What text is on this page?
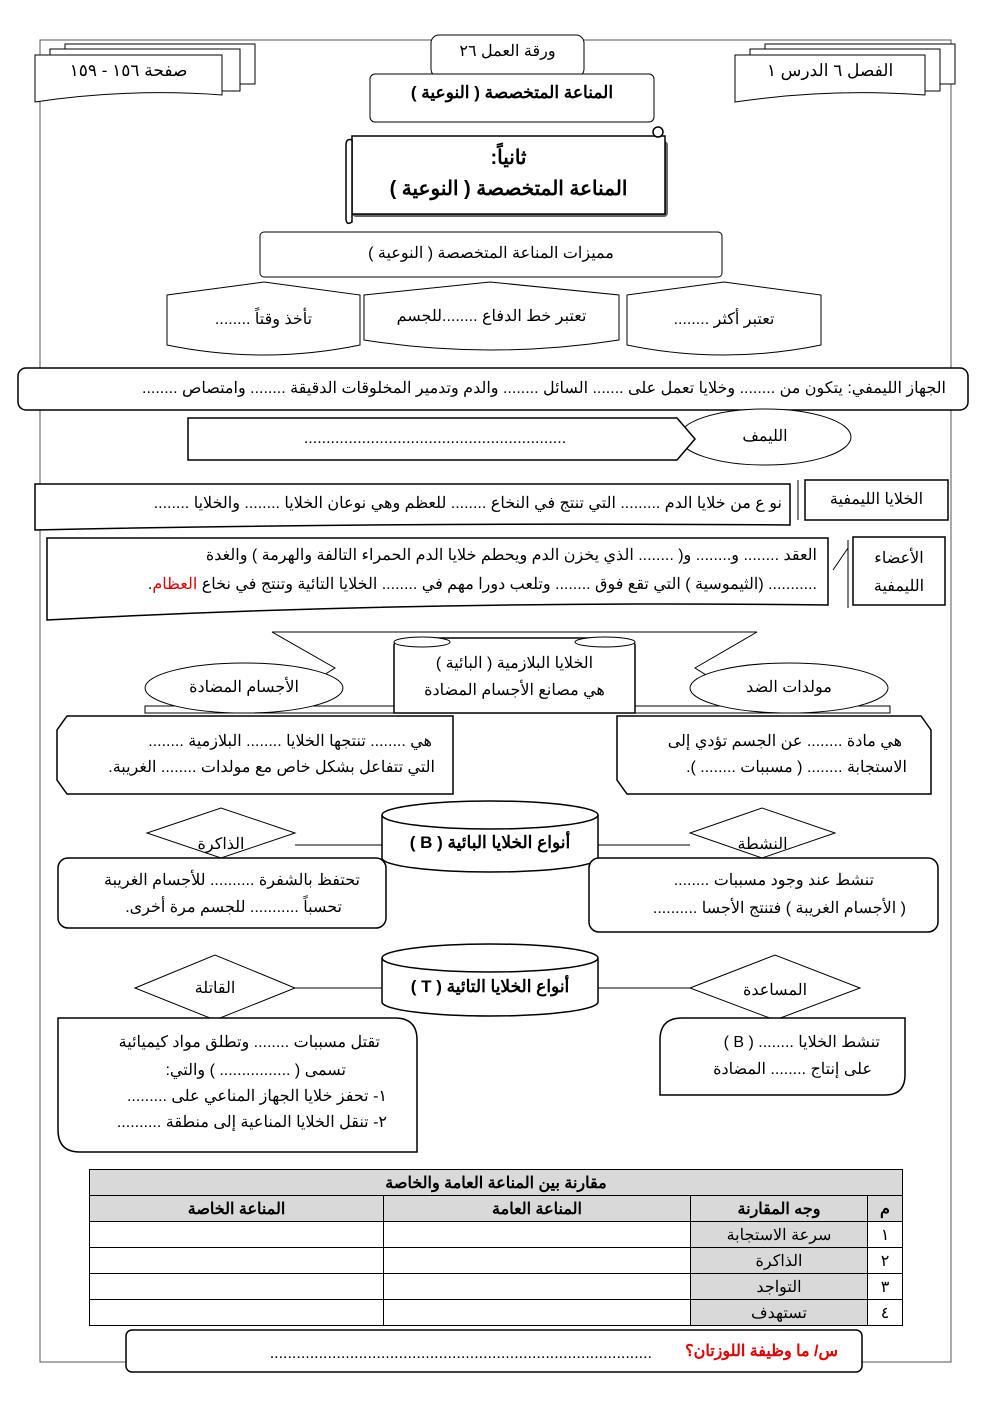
الفصل ٦ الدرس ١
صفحة ١٥٦ - ١٥٩
ورقة العمل ٢٦
المناعة المتخصصة ( النوعية )
ثانياً:
المناعة المتخصصة ( النوعية )
مميزات المناعة المتخصصة ( النوعية )
تعتبر أكثر ........
تعتبر خط الدفاع ........للجسم
تأخذ وقتاً ........
الجهاز الليمفي: يتكون من ........ وخلايا تعمل على ....... السائل ........ والدم وتدمير المخلوقات الدقيقة ........ وامتصاص ........
الليمف
...........................................................
الخلايا الليمفية
نو ع من خلايا الدم ......... التي تنتج في النخاع ........ للعظم وهي نوعان الخلايا ........ والخلايا ........
الأعضاء الليمفية
العقد ........ و........ و( ........ الذي يخزن الدم ويحطم خلايا الدم الحمراء التالفة والهرمة ) والغدة
........... (الثيموسية ) التي تقع فوق ........ وتلعب دورا مهم في ........ الخلايا التائية وتنتج في نخاع العظام.
الخلايا البلازمية ( البائية )
هي مصانع الأجسام المضادة
الأجسام المضادة	مولدات الضد
هي ........ تنتجها الخلايا ........ البلازمية ........
التي تتفاعل بشكل خاص مع مولدات ........ الغريبة.
هي مادة ........ عن الجسم تؤدي إلى
الاستجابة ........ ( مسببات ........ ).
أنواع الخلايا البائية ( B )
الذاكرة	النشطة
تحتفظ بالشفرة .......... للأجسام الغريبة
تحسباً ........... للجسم مرة أخرى.
تنشط عند وجود مسببات ........
( الأجسام الغريبة ) فتنتج الأجسا ..........
أنواع الخلايا التائية ( T )
القاتلة	المساعدة
تقتل مسببات ........ وتطلق مواد كيميائية
تسمى ( ................ ) والتي:
١- تحفز خلايا الجهاز المناعي على .........
٢- تنقل الخلايا المناعية إلى منطقة ..........
تنشط الخلايا ........ ( B )
على إنتاج ........ المضادة
مقارنة بين المناعة العامة والخاصة			
م	وجه المقارنة	المناعة العامة	المناعة الخاصة
١	سرعة الاستجابة		
٢	الذاكرة		
٣	التواجد		
٤	تستهدف		
س/ ما وظيفة اللوزتان؟
......................................................................................
